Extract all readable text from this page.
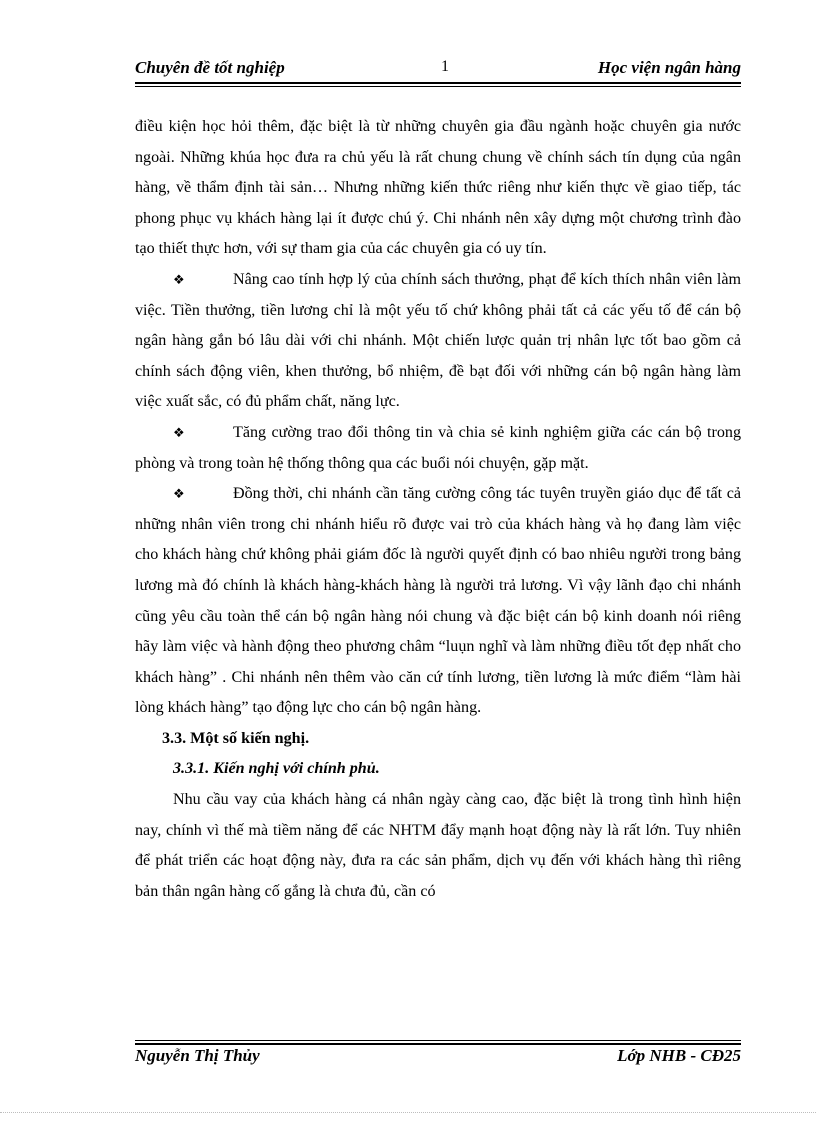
Chuyên đề tốt nghiệp	1	Học viện ngân hàng

điều kiện học hỏi thêm, đặc biệt là từ những chuyên gia đầu ngành hoặc chuyên gia nước ngoài. Những khúa học đưa ra chủ yếu là rất chung chung về chính sách tín dụng của ngân hàng, về thẩm định tài sản… Nhưng những kiến thức riêng như kiến thực về giao tiếp, tác phong phục vụ khách hàng lại ít được chú ý. Chi nhánh nên xây dựng một chương trình đào tạo thiết thực hơn, với sự tham gia của các chuyên gia có uy tín.

❖	Nâng cao tính hợp lý của chính sách thưởng, phạt để kích thích nhân viên làm việc. Tiền thưởng, tiền lương chỉ là một yếu tố chứ không phải tất cả các yếu tố để cán bộ ngân hàng gắn bó lâu dài với chi nhánh. Một chiến lược quản trị nhân lực tốt bao gồm cả chính sách động viên, khen thưởng, bổ nhiệm, đề bạt đối với những cán bộ ngân hàng làm việc xuất sắc, có đủ phẩm chất, năng lực.

❖	Tăng cường trao đổi thông tin và chia sẻ kinh nghiệm giữa các cán bộ trong phòng và trong toàn hệ thống thông qua các buổi nói chuyện, gặp mặt.

❖	Đồng thời, chi nhánh cần tăng cường công tác tuyên truyền giáo dục để tất cả những nhân viên trong chi nhánh hiểu rõ được vai trò của khách hàng và họ đang làm việc cho khách hàng chứ không phải giám đốc là người quyết định có bao nhiêu người trong bảng lương mà đó chính là khách hàng-khách hàng là người trả lương. Vì vậy lãnh đạo chi nhánh cũng yêu cầu toàn thể cán bộ ngân hàng nói chung và đặc biệt cán bộ kinh doanh nói riêng hãy làm việc và hành động theo phương châm “luụn nghĩ và làm những điều tốt đẹp nhất cho khách hàng” . Chi nhánh nên thêm vào căn cứ tính lương, tiền lương là mức điểm “làm hài lòng khách hàng” tạo động lực cho cán bộ ngân hàng.

3.3. Một số kiến nghị.

3.3.1. Kiến nghị với chính phủ.

Nhu cầu vay của khách hàng cá nhân ngày càng cao, đặc biệt là trong tình hình hiện nay, chính vì thế mà tiềm năng để các NHTM đẩy mạnh hoạt động này là rất lớn. Tuy nhiên để phát triển các hoạt động này, đưa ra các sản phẩm, dịch vụ đến với khách hàng thì riêng bản thân ngân hàng cố gắng là chưa đủ, cần có

Nguyễn Thị Thủy	Lớp NHB - CĐ25
